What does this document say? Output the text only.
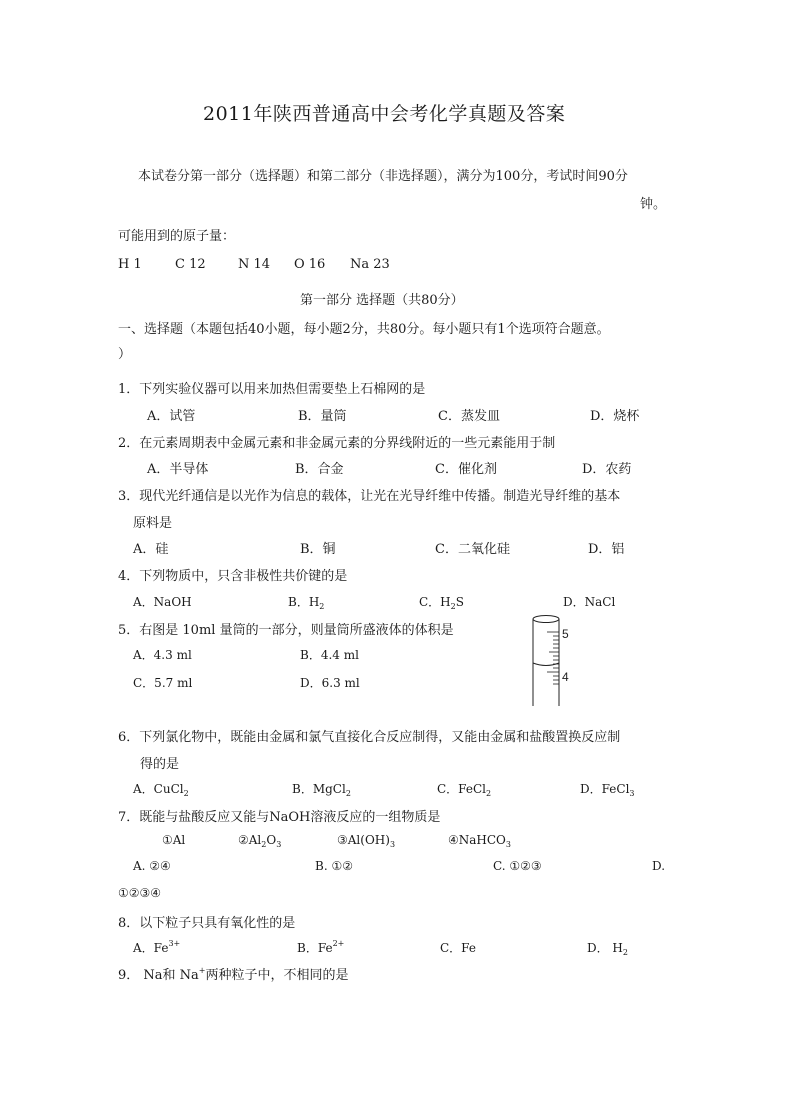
2011年陕西普通高中会考化学真题及答案
本试卷分第一部分（选择题）和第二部分（非选择题），满分为100分，考试时间90分
钟。
可能用到的原子量：
H 1	C 12 N 14 O 16 Na 23
第一部分 选择题（共80分）
一、选择题（本题包括40小题，每小题2分，共80分。每小题只有1个选项符合题意。
）
1．下列实验仪器可以用来加热但需要垫上石棉网的是
A．试管	B．量筒	C．蒸发皿	D．烧杯
2．在元素周期表中金属元素和非金属元素的分界线附近的一些元素能用于制
A．半导体	B．合金	C．催化剂	D．农药
3．现代光纤通信是以光作为信息的载体，让光在光导纤维中传播。制造光导纤维的基本
原料是
A．硅	B．铜	C．二氧化硅	D．铝
4．下列物质中，只含非极性共价键的是
A．NaOH	B．$H_2$	C．$H_2S$	D．NaCl
5．右图是 10ml 量筒的一部分，则量筒所盛液体的体积是
A．4.3 ml	B．4.4 ml
C．5.7 ml	D．6.3 ml
5
4
6．下列氯化物中，既能由金属和氯气直接化合反应制得，又能由金属和盐酸置换反应制
得的是
A．CuCl$_2$	B．MgCl$_2$	C．FeCl$_2$	D．FeCl$_3$
7．既能与盐酸反应又能与NaOH溶液反应的一组物质是
①Al	$②Al_2O_3$	$③Al(OH)_3$	④NaHCO$_3$
A. ②④	B. ①②	C. ①②③	D.
①②③④
8．以下粒子只具有氧化性的是
A．$Fe^{3+}$	B．$Fe^{2+}$	C．Fe	D． $H_2$
9． Na和 Na+两种粒子中，不相同的是
